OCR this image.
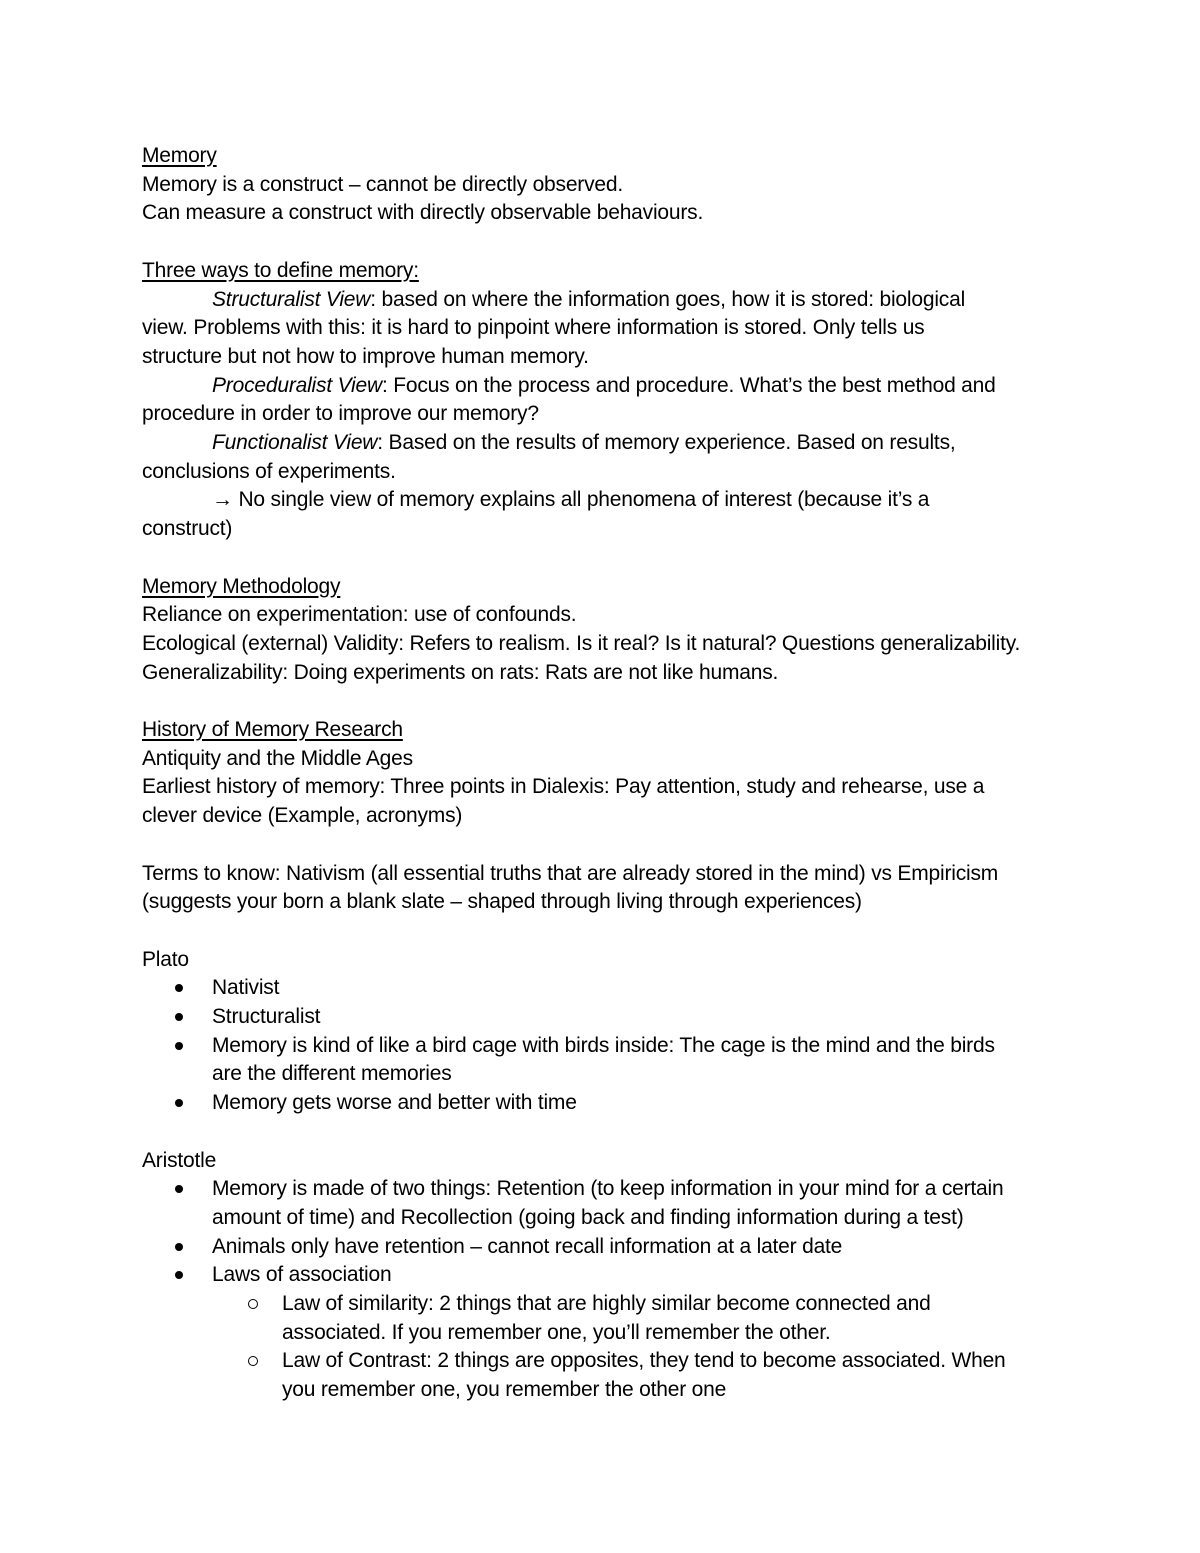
Memory
Memory is a construct – cannot be directly observed.
Can measure a construct with directly observable behaviours.
Three ways to define memory:
Structuralist View: based on where the information goes, how it is stored: biological
view. Problems with this: it is hard to pinpoint where information is stored. Only tells us
structure but not how to improve human memory.
Proceduralist View: Focus on the process and procedure. What’s the best method and
procedure in order to improve our memory?
Functionalist View: Based on the results of memory experience. Based on results,
conclusions of experiments.
→ No single view of memory explains all phenomena of interest (because it’s a
construct)
Memory Methodology
Reliance on experimentation: use of confounds.
Ecological (external) Validity: Refers to realism. Is it real? Is it natural? Questions generalizability.
Generalizability: Doing experiments on rats: Rats are not like humans.
History of Memory Research
Antiquity and the Middle Ages
Earliest history of memory: Three points in Dialexis: Pay attention, study and rehearse, use a
clever device (Example, acronyms)
Terms to know: Nativism (all essential truths that are already stored in the mind) vs Empiricism
(suggests your born a blank slate – shaped through living through experiences)
Plato
Nativist
Structuralist
Memory is kind of like a bird cage with birds inside: The cage is the mind and the birds
are the different memories
Memory gets worse and better with time
Aristotle
Memory is made of two things: Retention (to keep information in your mind for a certain
amount of time) and Recollection (going back and finding information during a test)
Animals only have retention – cannot recall information at a later date
Laws of association
Law of similarity: 2 things that are highly similar become connected and
associated. If you remember one, you’ll remember the other.
Law of Contrast: 2 things are opposites, they tend to become associated. When
you remember one, you remember the other one
